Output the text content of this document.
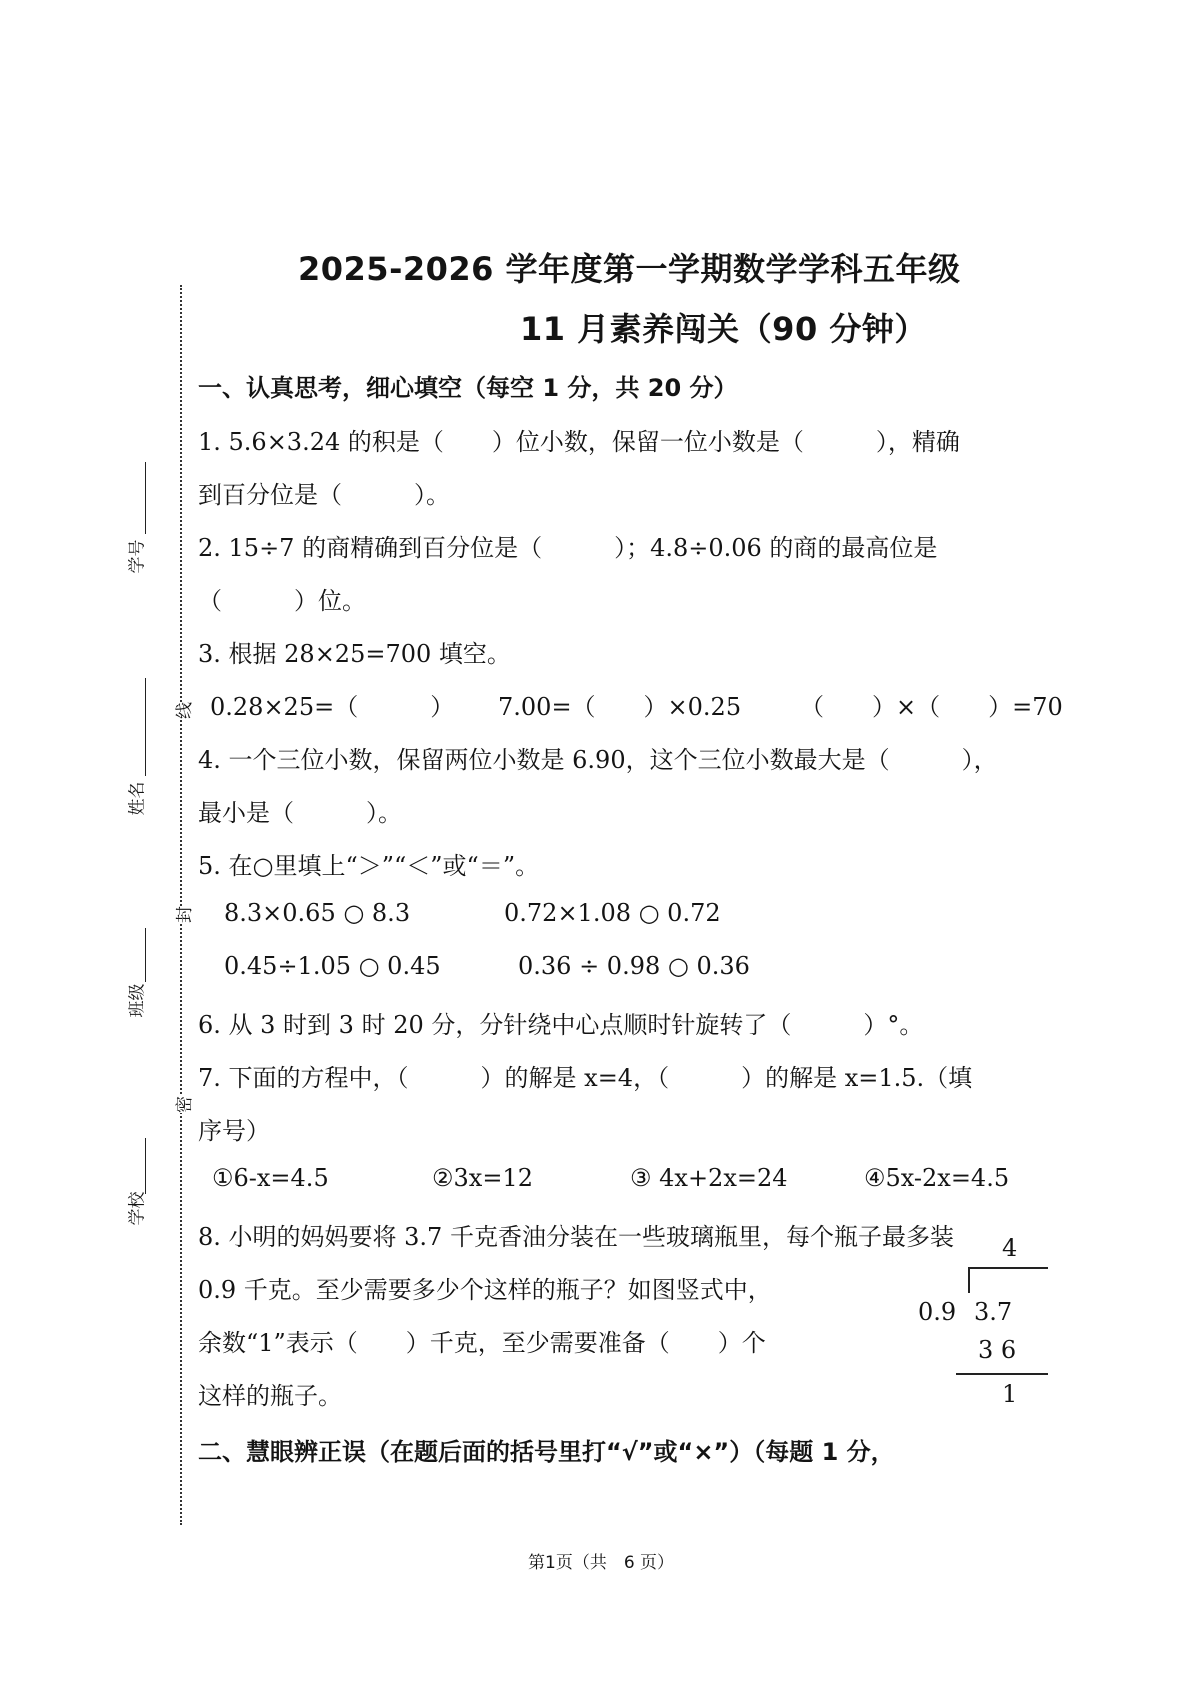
学号
姓名
班级
学校
线
封
密
2025-2026 学年度第一学期数学学科五年级
11 月素养闯关（90 分钟）
一、认真思考，细心填空（每空 1 分，共 20 分）
1. 5.6×3.24 的积是（　　）位小数，保留一位小数是（　　　），精确
到百分位是（　　　）。
2. 15÷7 的商精确到百分位是（　　　）；4.8÷0.06 的商的最高位是
（　　　）位。
3. 根据 28×25=700 填空。
0.28×25=（　　　） 7.00=（　　）×0.25 （　　）×（　　）=70
4. 一个三位小数，保留两位小数是 6.90，这个三位小数最大是（　　　），
最小是（　　　）。
5. 在○里填上“＞”“＜”或“＝”。
8.3×0.65 ○ 8.3	0.72×1.08 ○ 0.72
0.45÷1.05 ○ 0.45	0.36 ÷ 0.98 ○ 0.36
6. 从 3 时到 3 时 20 分，分针绕中心点顺时针旋转了（　　　）°。
7. 下面的方程中，（　　　）的解是 x=4，（　　　）的解是 x=1.5.（填
序号）
①6-x=4.5	②3x=12	③ 4x+2x=24	④5x-2x=4.5
8. 小明的妈妈要将 3.7 千克香油分装在一些玻璃瓶里，每个瓶子最多装
0.9 千克。至少需要多少个这样的瓶子？如图竖式中，
余数“1”表示（　　）千克，至少需要准备（　　）个
这样的瓶子。
4
0.9 3.7
3 6
1
二、慧眼辨正误（在题后面的括号里打“√”或“×”）（每题 1 分，
第1页（共　6 页）
